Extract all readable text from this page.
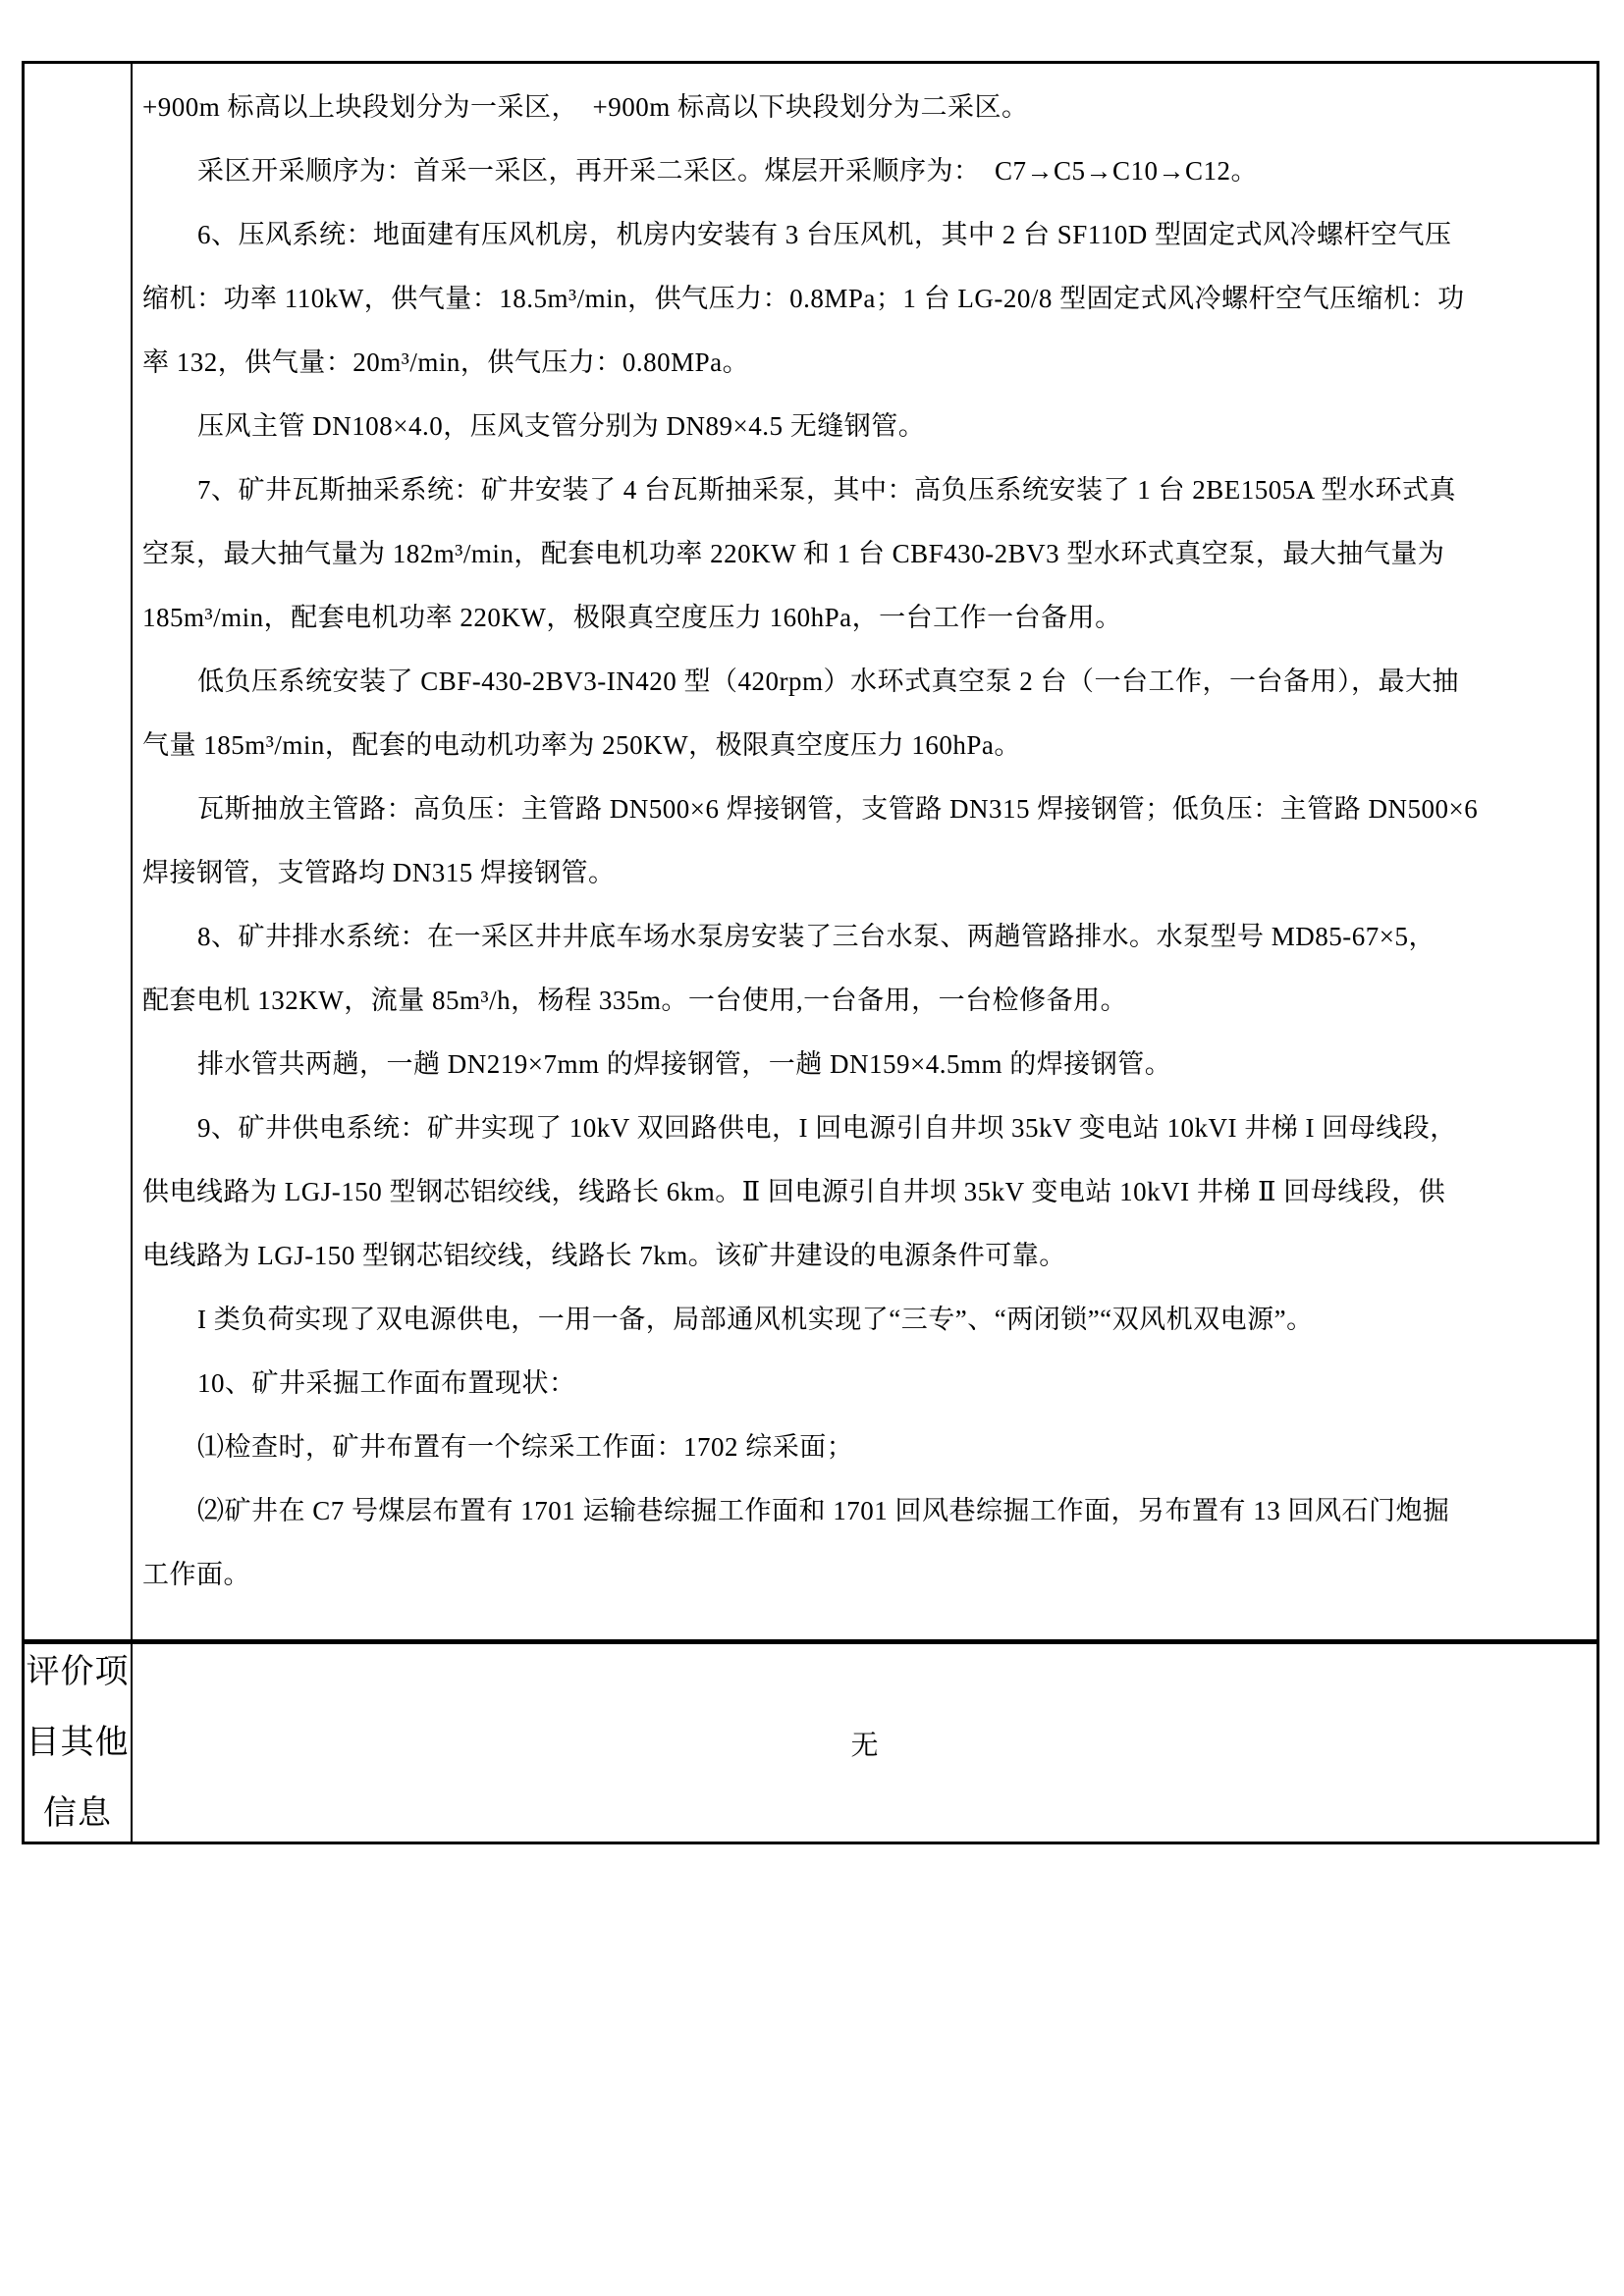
+900m 标高以上块段划分为一采区，  +900m 标高以下块段划分为二采区。
采区开采顺序为：首采一采区，再开采二采区。煤层开采顺序为：  C7→C5→C10→C12。
6、压风系统：地面建有压风机房，机房内安装有 3 台压风机，其中 2 台 SF110D 型固定式风冷螺杆空气压
缩机：功率 110kW，供气量：18.5m³/min，供气压力：0.8MPa；1 台 LG-20/8 型固定式风冷螺杆空气压缩机：功
率 132，供气量：20m³/min，供气压力：0.80MPa。
压风主管 DN108×4.0，压风支管分别为 DN89×4.5 无缝钢管。
7、矿井瓦斯抽采系统：矿井安装了 4 台瓦斯抽采泵，其中：高负压系统安装了 1 台 2BE1505A 型水环式真
空泵，最大抽气量为 182m³/min，配套电机功率 220KW 和 1 台 CBF430-2BV3 型水环式真空泵，最大抽气量为
185m³/min，配套电机功率 220KW，极限真空度压力 160hPa，一台工作一台备用。
低负压系统安装了 CBF-430-2BV3-IN420 型（420rpm）水环式真空泵 2 台（一台工作，一台备用），最大抽
气量 185m³/min，配套的电动机功率为 250KW，极限真空度压力 160hPa。
瓦斯抽放主管路：高负压：主管路 DN500×6 焊接钢管，支管路 DN315 焊接钢管；低负压：主管路 DN500×6
焊接钢管，支管路均 DN315 焊接钢管。
8、矿井排水系统：在一采区井井底车场水泵房安装了三台水泵、两趟管路排水。水泵型号 MD85-67×5，
配套电机 132KW，流量 85m³/h，杨程 335m。一台使用,一台备用，一台检修备用。
排水管共两趟，一趟 DN219×7mm 的焊接钢管，一趟 DN159×4.5mm 的焊接钢管。
9、矿井供电系统：矿井实现了 10kV 双回路供电，I 回电源引自井坝 35kV 变电站 10kVI 井梯 I 回母线段，
供电线路为 LGJ-150 型钢芯铝绞线，线路长 6km。Ⅱ 回电源引自井坝 35kV 变电站 10kVI 井梯 Ⅱ 回母线段，供
电线路为 LGJ-150 型钢芯铝绞线，线路长 7km。该矿井建设的电源条件可靠。
I 类负荷实现了双电源供电，一用一备，局部通风机实现了“三专”、“两闭锁”“双风机双电源”。
10、矿井采掘工作面布置现状：
⑴检查时，矿井布置有一个综采工作面：1702 综采面；
⑵矿井在 C7 号煤层布置有 1701 运输巷综掘工作面和 1701 回风巷综掘工作面，另布置有 13 回风石门炮掘
工作面。
评价项
目其他
信息
无
